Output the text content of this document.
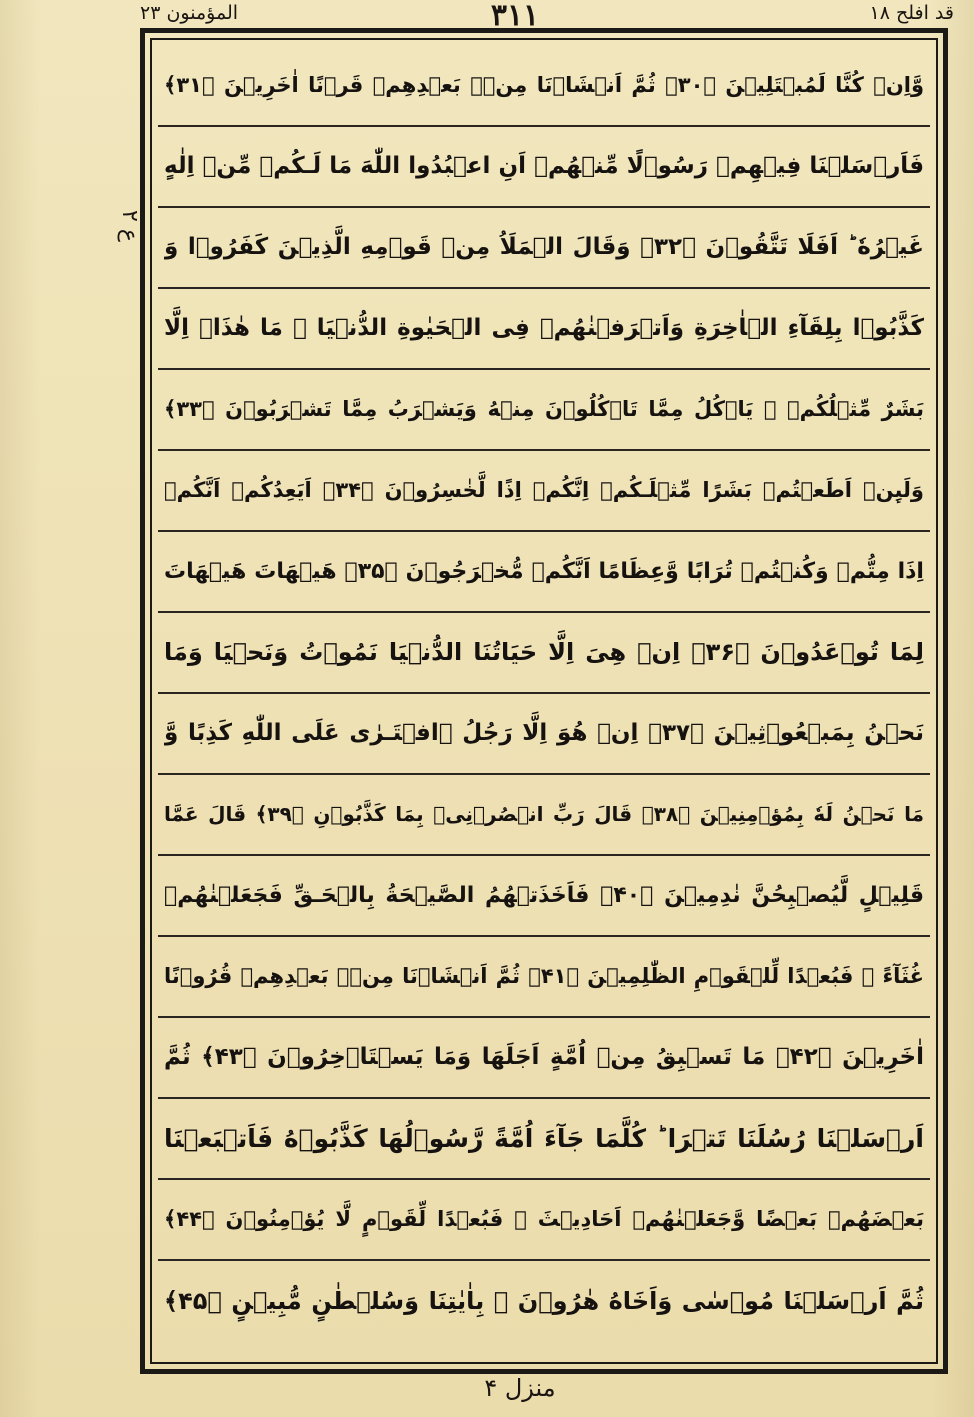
المؤمنون ٢٣	٣١١	قد افلح ١٨
ع ٢
وَّاِنۡ كُنَّا لَمُبۡتَلِيۡنَ ﴿۳۰﴾ ثُمَّ اَنۡشَاۡنَا مِنۡۢ بَعۡدِهِمۡ قَرۡنًا اٰخَرِيۡنَ ﴿۳۱﴾
فَاَرۡسَلۡنَا فِيۡهِمۡ رَسُوۡلًا مِّنۡهُمۡ اَنِ اعۡبُدُوا اللّٰهَ مَا لَـكُمۡ مِّنۡ اِلٰهٍ
غَيۡرُهٗ ؕ اَفَلَا تَتَّقُوۡنَ ﴿۳۲﴾ وَقَالَ الۡمَلَاُ مِنۡ قَوۡمِهِ الَّذِيۡنَ كَفَرُوۡا وَ
كَذَّبُوۡا بِلِقَآءِ الۡاٰخِرَةِ وَاَتۡرَفۡنٰهُمۡ فِى الۡحَيٰوةِ الدُّنۡيَا ۙ مَا هٰذَاۤ اِلَّا
بَشَرٌ مِّثۡلُكُمۡ ۙ يَاۡكُلُ مِمَّا تَاۡكُلُوۡنَ مِنۡهُ وَيَشۡرَبُ مِمَّا تَشۡرَبُوۡنَ ﴿۳۳﴾
وَلَٮِٕنۡ اَطَعۡتُمۡ بَشَرًا مِّثۡلَـكُمۡ اِنَّكُمۡ اِذًا لَّخٰسِرُوۡنَ ﴿۳۴﴾ اَيَعِدُكُمۡ اَنَّكُمۡ
اِذَا مِتُّمۡ وَكُنۡتُمۡ تُرَابًا وَّعِظَامًا اَنَّكُمۡ مُّخۡرَجُوۡنَ ﴿۳۵﴾ هَيۡهَاتَ هَيۡهَاتَ
لِمَا تُوۡعَدُوۡنَ ﴿۳۶﴾ اِنۡ هِىَ اِلَّا حَيَاتُنَا الدُّنۡيَا نَمُوۡتُ وَنَحۡيَا وَمَا
نَحۡنُ بِمَبۡعُوۡثِيۡنَ ﴿۳۷﴾ اِنۡ هُوَ اِلَّا رَجُلُ ۨافۡتَـرٰى عَلَى اللّٰهِ كَذِبًا وَّ
مَا نَحۡنُ لَهٗ بِمُؤۡمِنِيۡنَ ﴿۳۸﴾ قَالَ رَبِّ انۡصُرۡنِىۡ بِمَا كَذَّبُوۡنِ ﴿۳۹﴾ قَالَ عَمَّا
قَلِيۡلٍ لَّيُصۡبِحُنَّ نٰدِمِيۡنَ ﴿۴۰﴾ فَاَخَذَتۡهُمُ الصَّيۡحَةُ بِالۡحَـقِّ فَجَعَلۡنٰهُمۡ
غُثَآءً ۚ فَبُعۡدًا لِّلۡقَوۡمِ الظّٰلِمِيۡنَ ﴿۴۱﴾ ثُمَّ اَنۡشَاۡنَا مِنۡۢ بَعۡدِهِمۡ قُرُوۡنًا
اٰخَرِيۡنَ ﴿۴۲﴾ مَا تَسۡبِقُ مِنۡ اُمَّةٍ اَجَلَهَا وَمَا يَسۡتَاۡخِرُوۡنَ ﴿۴۳﴾ ثُمَّ
اَرۡسَلۡنَا رُسُلَنَا تَتۡرَا ؕ كُلَّمَا جَآءَ اُمَّةً رَّسُوۡلُهَا كَذَّبُوۡهُ فَاَتۡبَعۡنَا
بَعۡضَهُمۡ بَعۡضًا وَّجَعَلۡنٰهُمۡ اَحَادِيۡثَ ۚ فَبُعۡدًا لِّقَوۡمٍ لَّا يُؤۡمِنُوۡنَ ﴿۴۴﴾
ثُمَّ اَرۡسَلۡنَا مُوۡسٰى وَاَخَاهُ هٰرُوۡنَ ۙ بِاٰيٰتِنَا وَسُلۡطٰنٍ مُّبِيۡنٍ ﴿۴۵﴾
منزل ۴
